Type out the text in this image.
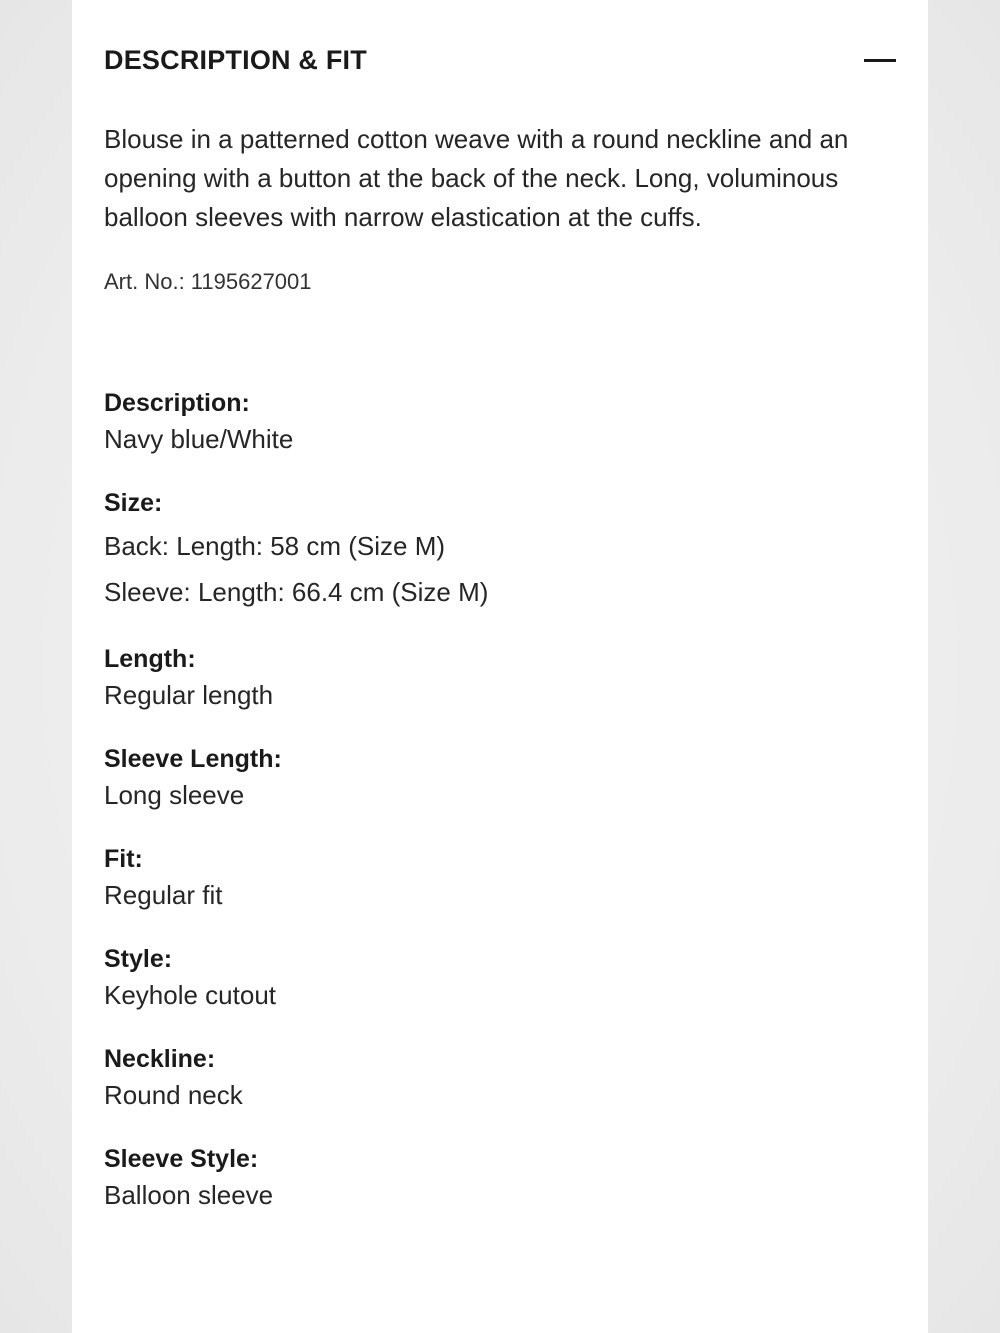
DESCRIPTION & FIT

Blouse in a patterned cotton weave with a round neckline and an opening with a button at the back of the neck. Long, voluminous balloon sleeves with narrow elastication at the cuffs.

Art. No.: 1195627001
Description:
Navy blue/White
Size:
Back: Length: 58 cm (Size M)
Sleeve: Length: 66.4 cm (Size M)
Length:
Regular length
Sleeve Length:
Long sleeve
Fit:
Regular fit
Style:
Keyhole cutout
Neckline:
Round neck
Sleeve Style:
Balloon sleeve
